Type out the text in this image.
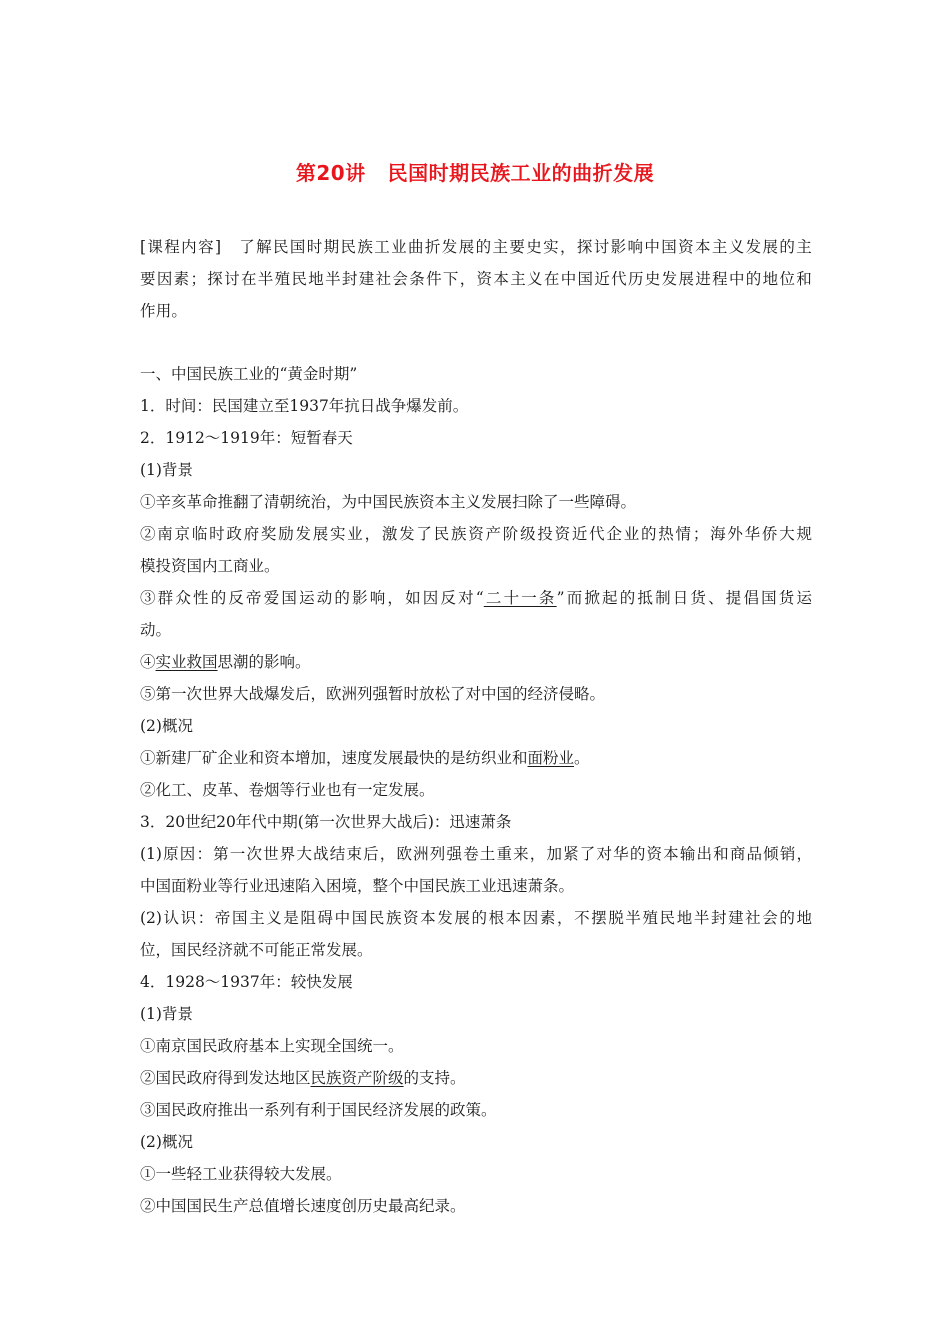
第20讲 民国时期民族工业的曲折发展
[课程内容]　了解民国时期民族工业曲折发展的主要史实，探讨影响中国资本主义发展的主
要因素；探讨在半殖民地半封建社会条件下，资本主义在中国近代历史发展进程中的地位和
作用。
一、中国民族工业的“黄金时期”
1．时间：民国建立至1937年抗日战争爆发前。
2．1912～1919年：短暂春天
(1)背景
①辛亥革命推翻了清朝统治，为中国民族资本主义发展扫除了一些障碍。
②南京临时政府奖励发展实业，激发了民族资产阶级投资近代企业的热情；海外华侨大规
模投资国内工商业。
③群众性的反帝爱国运动的影响，如因反对“二十一条”而掀起的抵制日货、提倡国货运
动。
④实业救国思潮的影响。
⑤第一次世界大战爆发后，欧洲列强暂时放松了对中国的经济侵略。
(2)概况
①新建厂矿企业和资本增加，速度发展最快的是纺织业和面粉业。
②化工、皮革、卷烟等行业也有一定发展。
3．20世纪20年代中期(第一次世界大战后)：迅速萧条
(1)原因：第一次世界大战结束后，欧洲列强卷土重来，加紧了对华的资本输出和商品倾销，
中国面粉业等行业迅速陷入困境，整个中国民族工业迅速萧条。
(2)认识：帝国主义是阻碍中国民族资本发展的根本因素，不摆脱半殖民地半封建社会的地
位，国民经济就不可能正常发展。
4．1928～1937年：较快发展
(1)背景
①南京国民政府基本上实现全国统一。
②国民政府得到发达地区民族资产阶级的支持。
③国民政府推出一系列有利于国民经济发展的政策。
(2)概况
①一些轻工业获得较大发展。
②中国国民生产总值增长速度创历史最高纪录。
